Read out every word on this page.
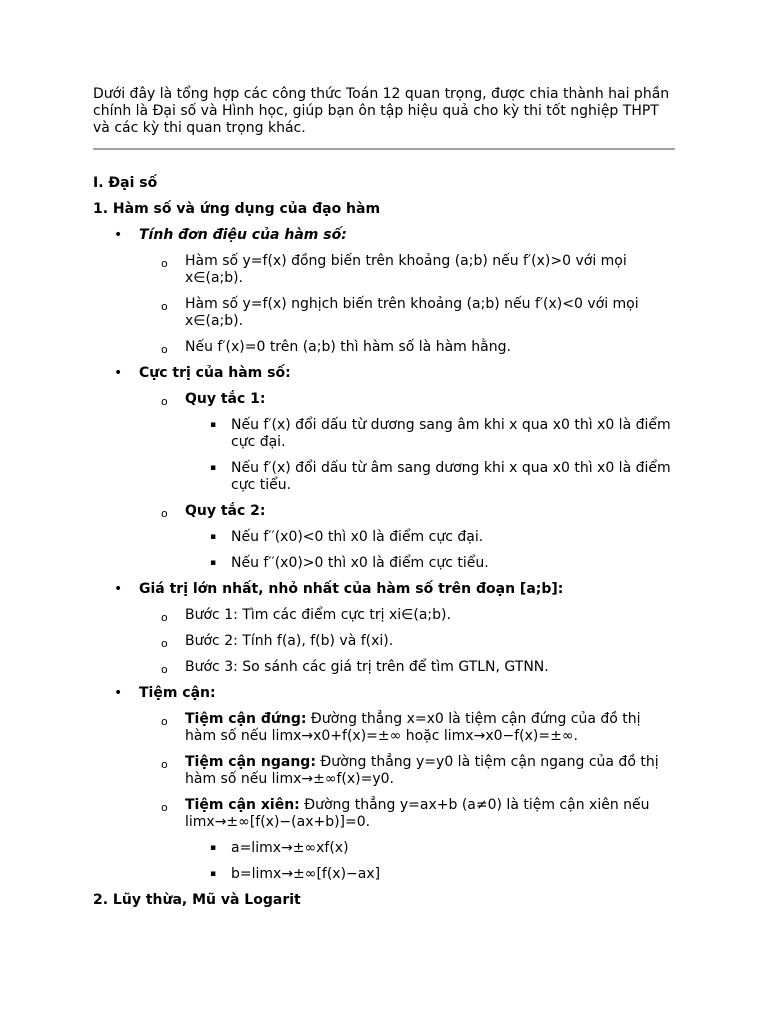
Dưới đây là tổng hợp các công thức Toán 12 quan trọng, được chia thành hai phần chính là Đại số và Hình học, giúp bạn ôn tập hiệu quả cho kỳ thi tốt nghiệp THPT và các kỳ thi quan trọng khác.

I. Đại số
1. Hàm số và ứng dụng của đạo hàm
• Tính đơn điệu của hàm số:
o Hàm số y=f(x) đồng biến trên khoảng (a;b) nếu f′(x)>0 với mọi x∈(a;b).
o Hàm số y=f(x) nghịch biến trên khoảng (a;b) nếu f′(x)<0 với mọi x∈(a;b).
o Nếu f′(x)=0 trên (a;b) thì hàm số là hàm hằng.
• Cực trị của hàm số:
o Quy tắc 1:
▪ Nếu f′(x) đổi dấu từ dương sang âm khi x qua x0 thì x0 là điểm cực đại.
▪ Nếu f′(x) đổi dấu từ âm sang dương khi x qua x0 thì x0 là điểm cực tiểu.
o Quy tắc 2:
▪ Nếu f′′(x0)<0 thì x0 là điểm cực đại.
▪ Nếu f′′(x0)>0 thì x0 là điểm cực tiểu.
• Giá trị lớn nhất, nhỏ nhất của hàm số trên đoạn [a;b]:
o Bước 1: Tìm các điểm cực trị xi∈(a;b).
o Bước 2: Tính f(a), f(b) và f(xi).
o Bước 3: So sánh các giá trị trên để tìm GTLN, GTNN.
• Tiệm cận:
o Tiệm cận đứng: Đường thẳng x=x0 là tiệm cận đứng của đồ thị hàm số nếu limx→x0+f(x)=±∞ hoặc limx→x0−f(x)=±∞.
o Tiệm cận ngang: Đường thẳng y=y0 là tiệm cận ngang của đồ thị hàm số nếu limx→±∞f(x)=y0.
o Tiệm cận xiên: Đường thẳng y=ax+b (a≠0) là tiệm cận xiên nếu limx→±∞[f(x)−(ax+b)]=0.
▪ a=limx→±∞xf(x)
▪ b=limx→±∞[f(x)−ax]
2. Lũy thừa, Mũ và Logarit
